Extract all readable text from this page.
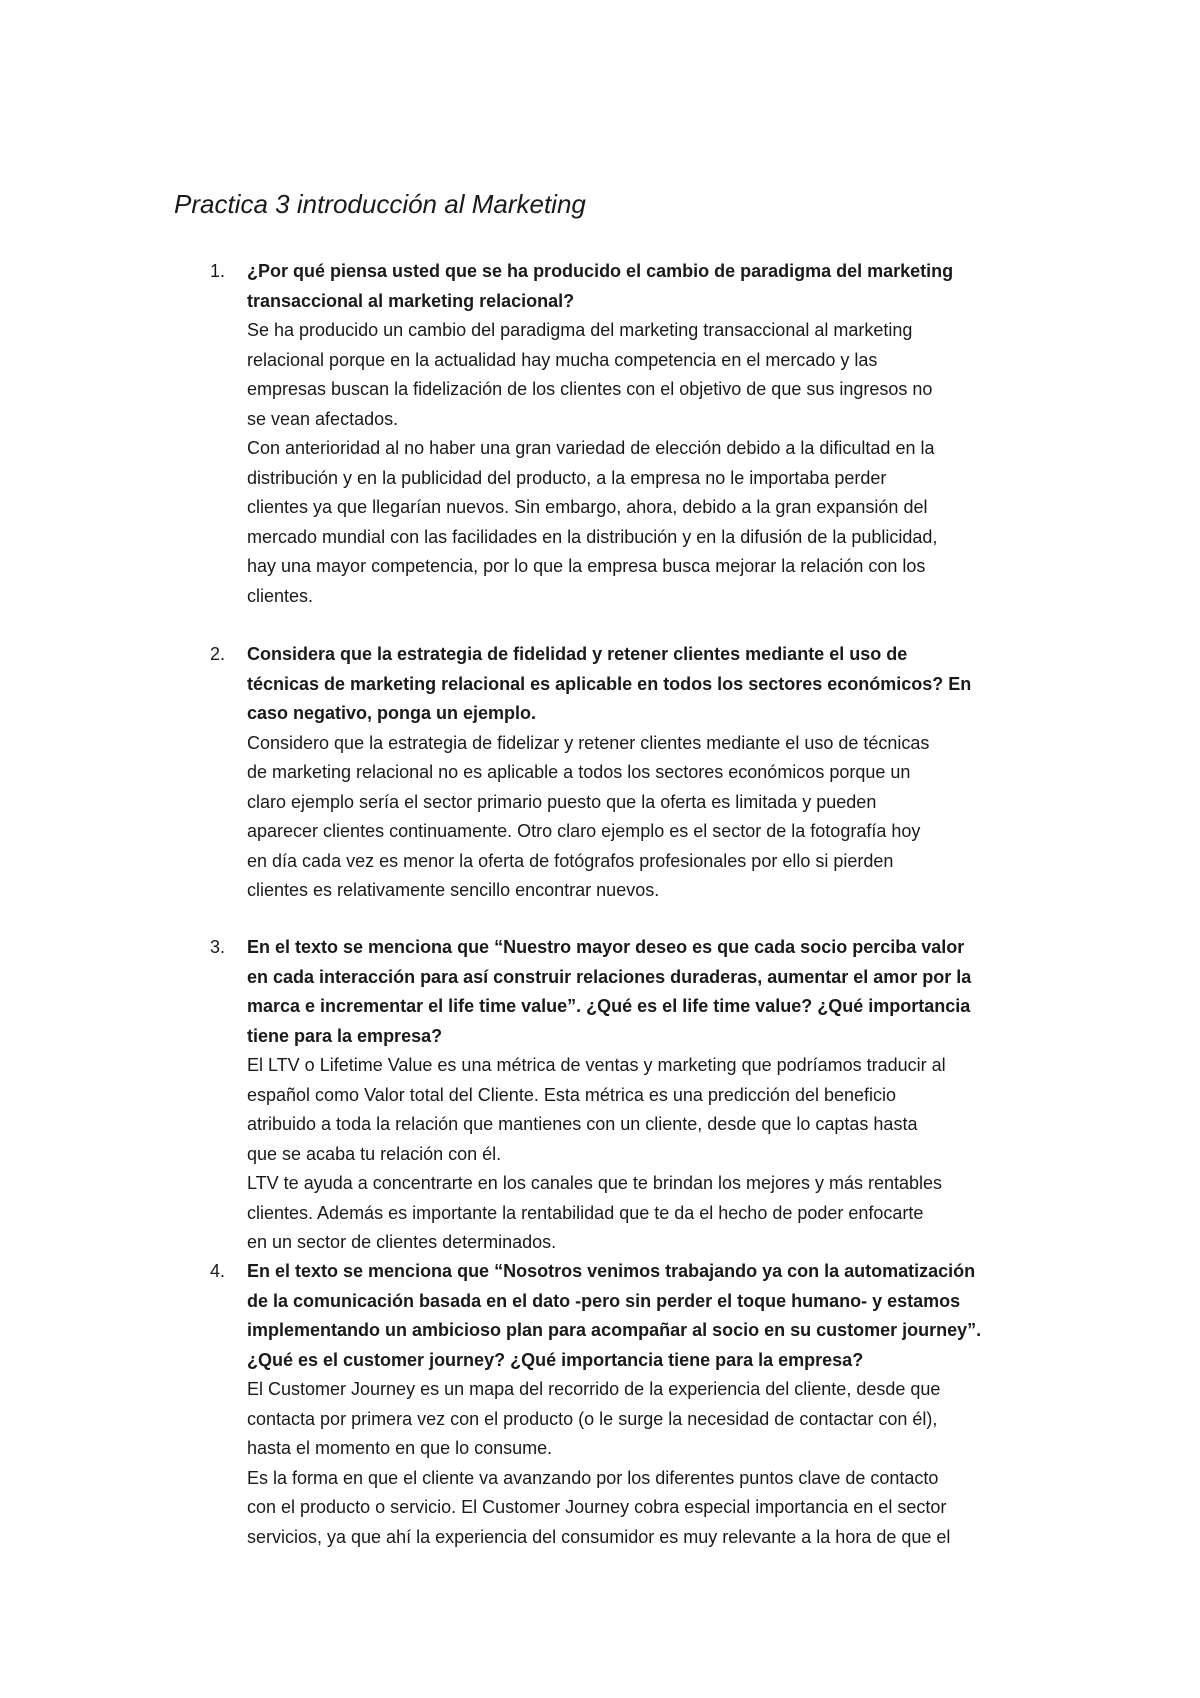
Practica 3 introducción al Marketing
1. ¿Por qué piensa usted que se ha producido el cambio de paradigma del marketing
transaccional al marketing relacional?
Se ha producido un cambio del paradigma del marketing transaccional al marketing
relacional porque en la actualidad hay mucha competencia en el mercado y las
empresas buscan la fidelización de los clientes con el objetivo de que sus ingresos no
se vean afectados.
Con anterioridad al no haber una gran variedad de elección debido a la dificultad en la
distribución y en la publicidad del producto, a la empresa no le importaba perder
clientes ya que llegarían nuevos. Sin embargo, ahora, debido a la gran expansión del
mercado mundial con las facilidades en la distribución y en la difusión de la publicidad,
hay una mayor competencia, por lo que la empresa busca mejorar la relación con los
clientes.
2. Considera que la estrategia de fidelidad y retener clientes mediante el uso de
técnicas de marketing relacional es aplicable en todos los sectores económicos? En
caso negativo, ponga un ejemplo.
Considero que la estrategia de fidelizar y retener clientes mediante el uso de técnicas
de marketing relacional no es aplicable a todos los sectores económicos porque un
claro ejemplo sería el sector primario puesto que la oferta es limitada y pueden
aparecer clientes continuamente. Otro claro ejemplo es el sector de la fotografía hoy
en día cada vez es menor la oferta de fotógrafos profesionales por ello si pierden
clientes es relativamente sencillo encontrar nuevos.
3. En el texto se menciona que “Nuestro mayor deseo es que cada socio perciba valor
en cada interacción para así construir relaciones duraderas, aumentar el amor por la
marca e incrementar el life time value”. ¿Qué es el life time value? ¿Qué importancia
tiene para la empresa?
El LTV o Lifetime Value es una métrica de ventas y marketing que podríamos traducir al
español como Valor total del Cliente. Esta métrica es una predicción del beneficio
atribuido a toda la relación que mantienes con un cliente, desde que lo captas hasta
que se acaba tu relación con él.
LTV te ayuda a concentrarte en los canales que te brindan los mejores y más rentables
clientes. Además es importante la rentabilidad que te da el hecho de poder enfocarte
en un sector de clientes determinados.
4. En el texto se menciona que “Nosotros venimos trabajando ya con la automatización
de la comunicación basada en el dato -pero sin perder el toque humano- y estamos
implementando un ambicioso plan para acompañar al socio en su customer journey”.
¿Qué es el customer journey? ¿Qué importancia tiene para la empresa?
El Customer Journey es un mapa del recorrido de la experiencia del cliente, desde que
contacta por primera vez con el producto (o le surge la necesidad de contactar con él),
hasta el momento en que lo consume.
Es la forma en que el cliente va avanzando por los diferentes puntos clave de contacto
con el producto o servicio. El Customer Journey cobra especial importancia en el sector
servicios, ya que ahí la experiencia del consumidor es muy relevante a la hora de que el
